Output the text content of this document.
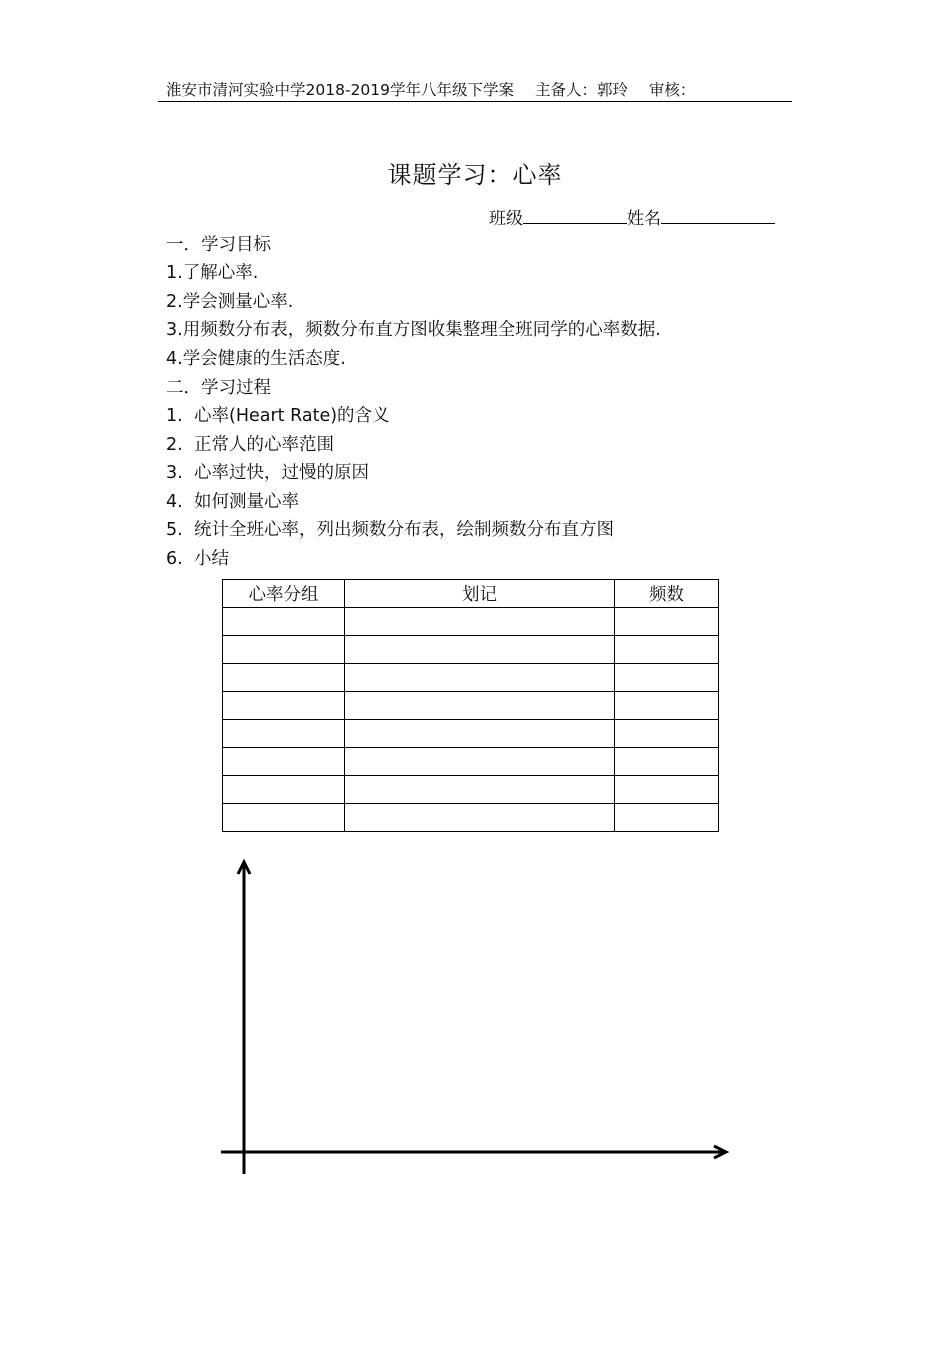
淮安市清河实验中学2018-2019学年八年级下学案 主备人：郭玲 审核：
课题学习：心率
班级	姓名
一．学习目标
1.了解心率.
2.学会测量心率.
3.用频数分布表，频数分布直方图收集整理全班同学的心率数据.
4.学会健康的生活态度.
二．学习过程
1. 心率(Heart Rate)的含义
2. 正常人的心率范围
3. 心率过快，过慢的原因
4. 如何测量心率
5. 统计全班心率，列出频数分布表，绘制频数分布直方图
6. 小结
心率分组	划记	频数
